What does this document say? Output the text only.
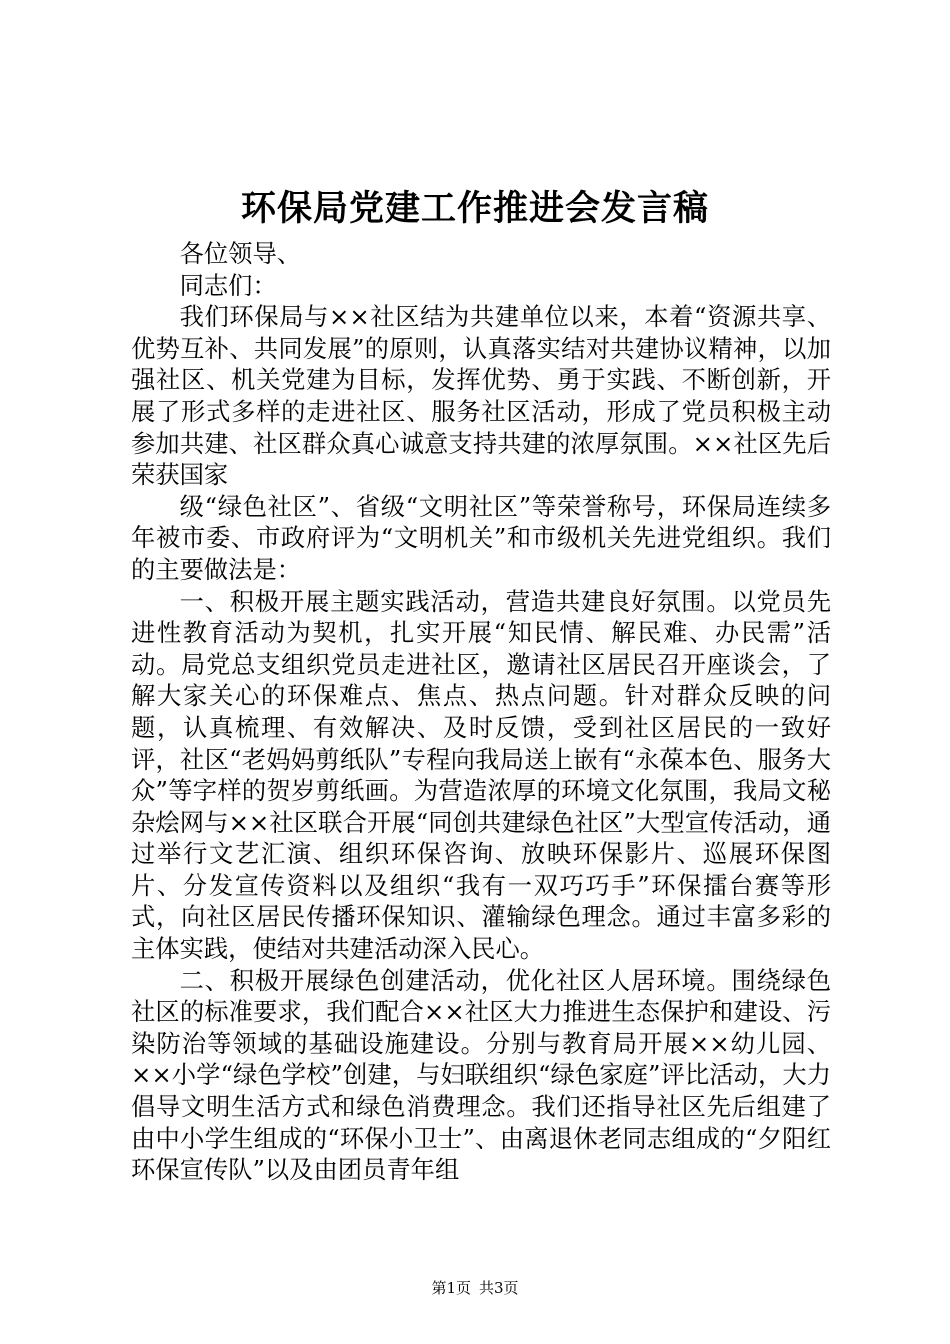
环保局党建工作推进会发言稿

各位领导、

同志们：

我们环保局与××社区结为共建单位以来，本着“资源共享、优势互补、共同发展”的原则，认真落实结对共建协议精神，以加强社区、机关党建为目标，发挥优势、勇于实践、不断创新，开展了形式多样的走进社区、服务社区活动，形成了党员积极主动参加共建、社区群众真心诚意支持共建的浓厚氛围。××社区先后荣获国家

级“绿色社区”、省级“文明社区”等荣誉称号，环保局连续多年被市委、市政府评为“文明机关”和市级机关先进党组织。我们的主要做法是：

一、积极开展主题实践活动，营造共建良好氛围。以党员先进性教育活动为契机，扎实开展“知民情、解民难、办民需”活动。局党总支组织党员走进社区，邀请社区居民召开座谈会，了解大家关心的环保难点、焦点、热点问题。针对群众反映的问题，认真梳理、有效解决、及时反馈，受到社区居民的一致好评，社区“老妈妈剪纸队”专程向我局送上嵌有“永葆本色、服务大众”等字样的贺岁剪纸画。为营造浓厚的环境文化氛围，我局文秘杂烩网与××社区联合开展“同创共建绿色社区”大型宣传活动，通过举行文艺汇演、组织环保咨询、放映环保影片、巡展环保图片、分发宣传资料以及组织“我有一双巧巧手”环保擂台赛等形式，向社区居民传播环保知识、灌输绿色理念。通过丰富多彩的主体实践，使结对共建活动深入民心。

二、积极开展绿色创建活动，优化社区人居环境。围绕绿色社区的标准要求，我们配合××社区大力推进生态保护和建设、污染防治等领域的基础设施建设。分别与教育局开展××幼儿园、××小学“绿色学校”创建，与妇联组织“绿色家庭”评比活动，大力倡导文明生活方式和绿色消费理念。我们还指导社区先后组建了由中小学生组成的“环保小卫士”、由离退休老同志组成的“夕阳红环保宣传队”以及由团员青年组

第1页 共3页
